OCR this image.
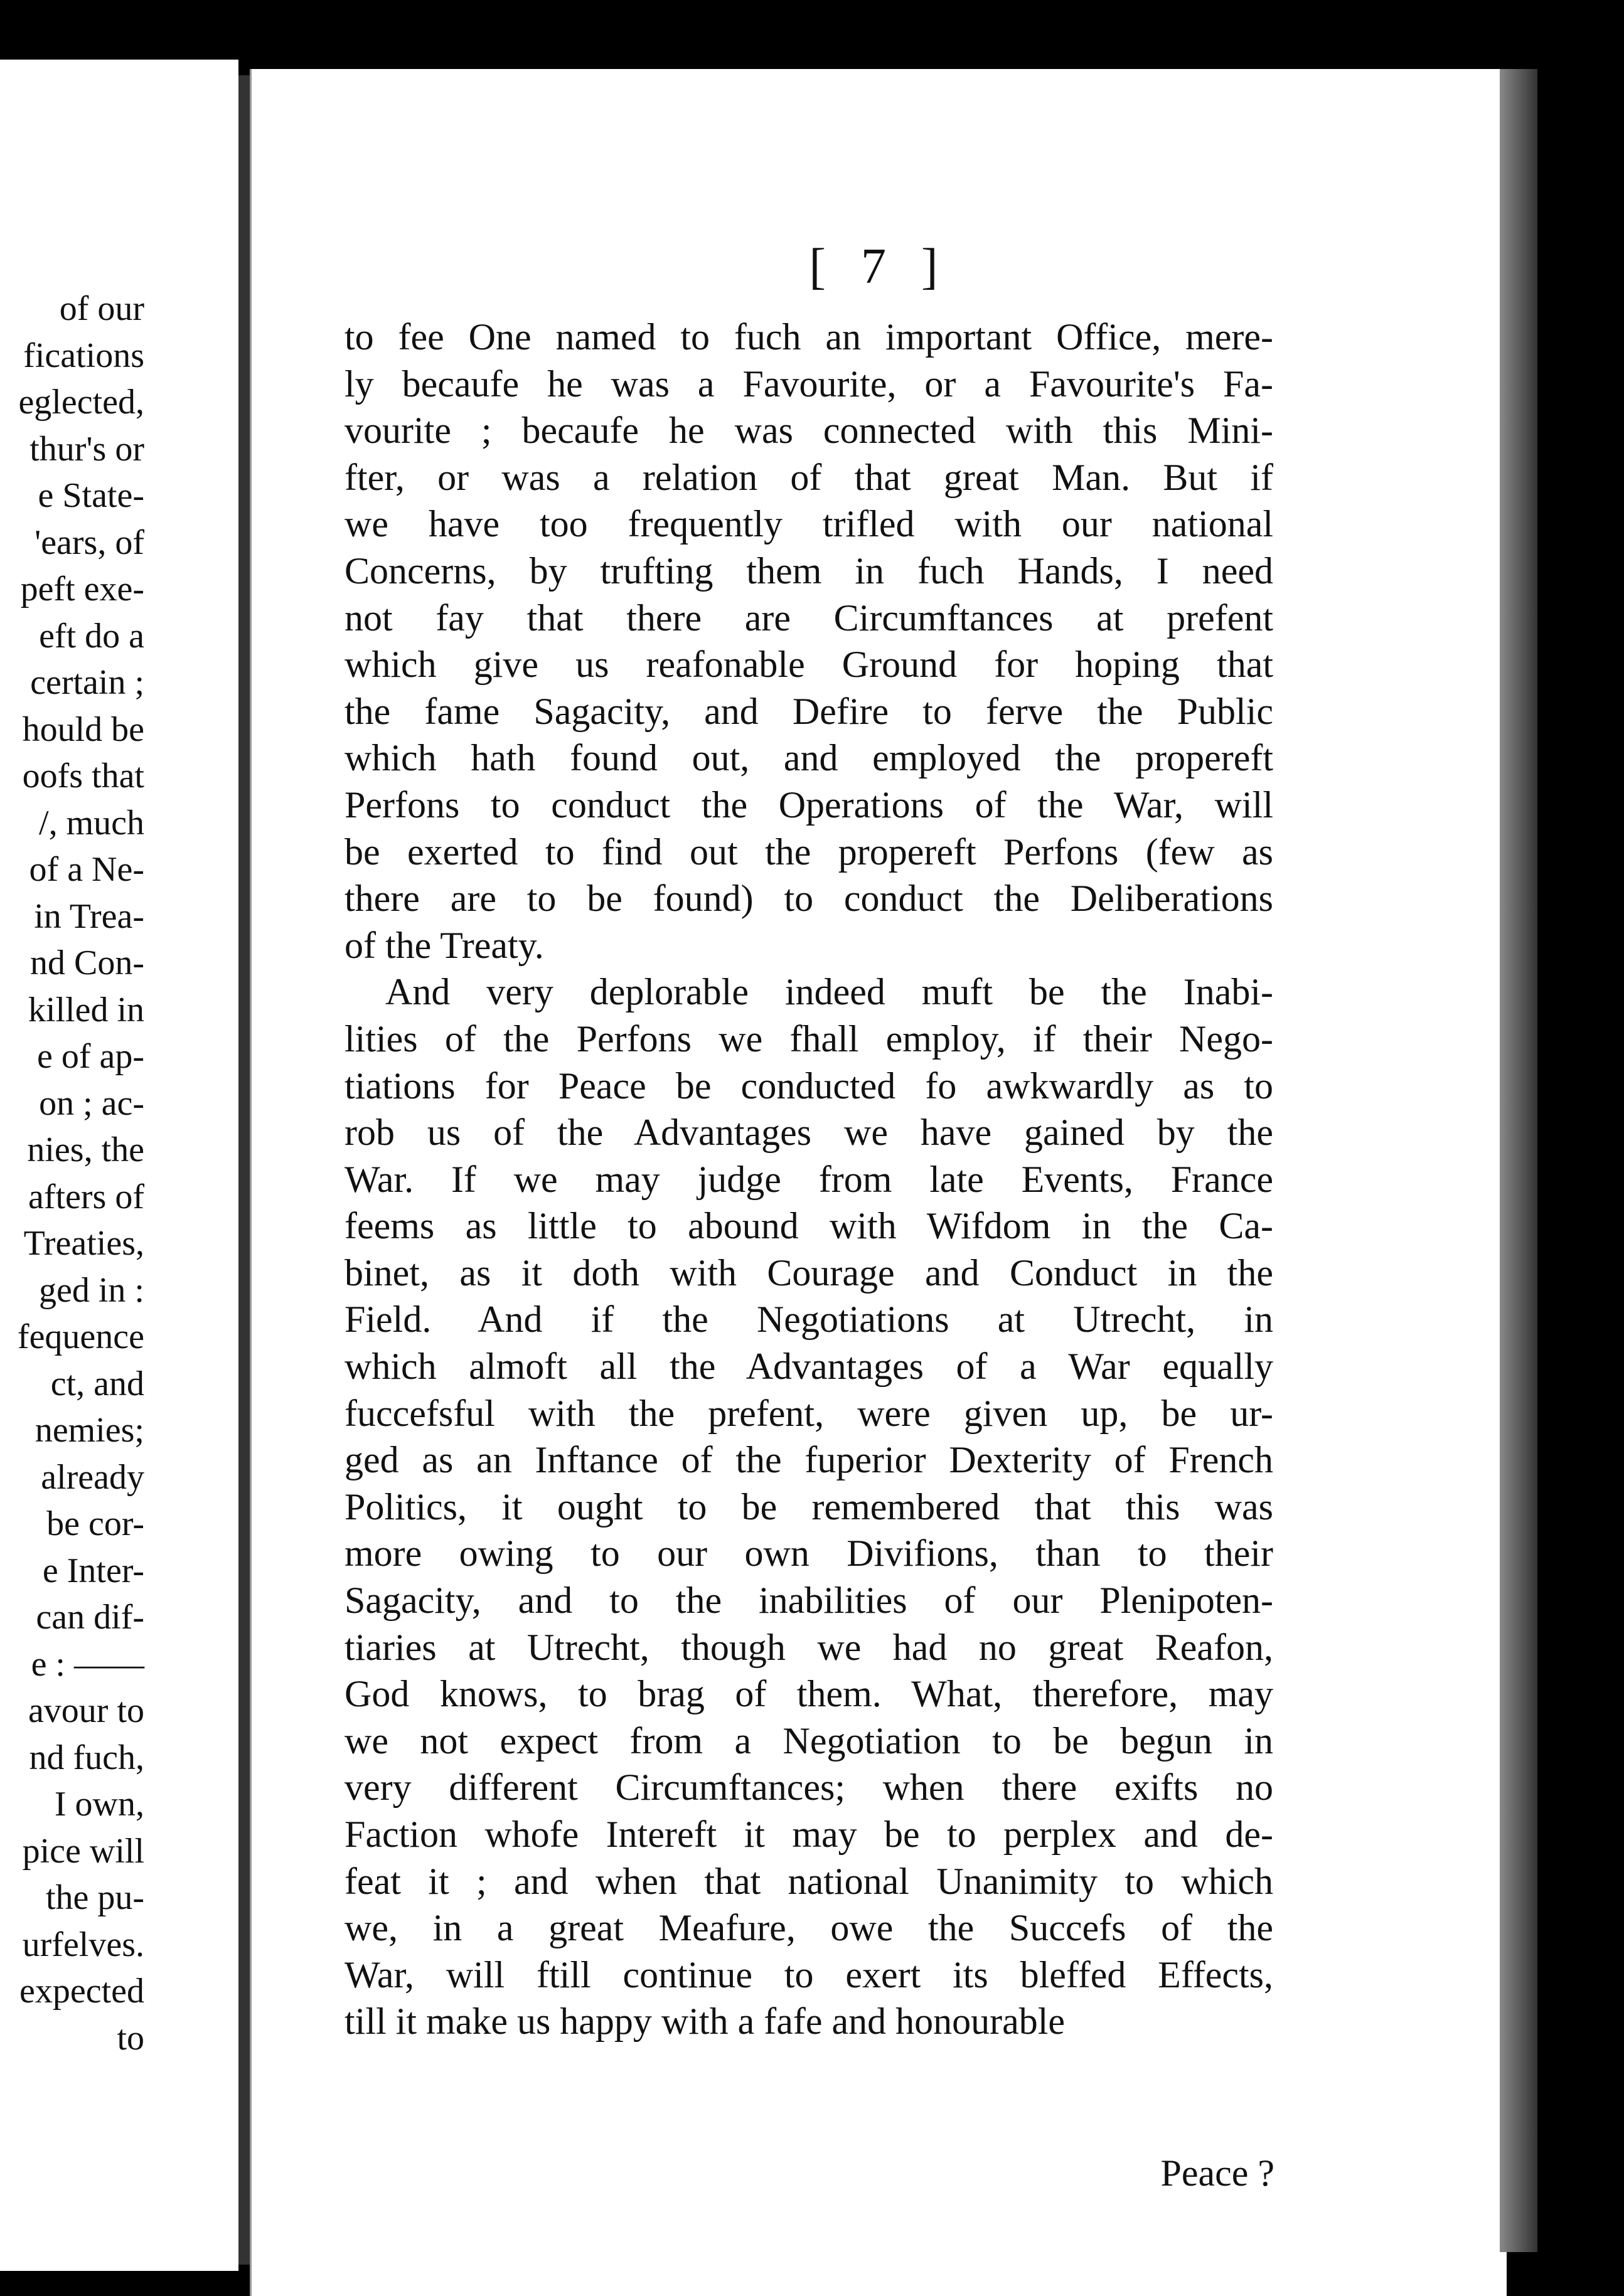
of our
fications
eglected,
thur's or
e State-
'ears, of
peft exe-
eft do a
certain ;
hould be
oofs that
/, much
of a Ne-
in Trea-
nd Con-
killed in
e of ap-
on ; ac-
nies, the
afters of
Treaties,
ged in :
fequence
ct, and
nemies;
already
be cor-
e Inter-
can dif-
e : ——
avour to
nd fuch,
I own,
pice will
the pu-
urfelves.
expected
to
[ 7 ]
to fee One named to fuch an important Office, mere-
ly becaufe he was a Favourite, or a Favourite's Fa-
vourite ; becaufe he was connected with this Mini-
fter, or was a relation of that great Man. But if
we have too frequently trifled with our national
Concerns, by trufting them in fuch Hands, I need
not fay that there are Circumftances at prefent
which give us reafonable Ground for hoping that
the fame Sagacity, and Defire to ferve the Public
which hath found out, and employed the propereft
Perfons to conduct the Operations of the War, will
be exerted to find out the propereft Perfons (few as
there are to be found) to conduct the Deliberations
of the Treaty.
And very deplorable indeed muft be the Inabi-
lities of the Perfons we fhall employ, if their Nego-
tiations for Peace be conducted fo awkwardly as to
rob us of the Advantages we have gained by the
War. If we may judge from late Events, France
feems as little to abound with Wifdom in the Ca-
binet, as it doth with Courage and Conduct in the
Field. And if the Negotiations at Utrecht, in
which almoft all the Advantages of a War equally
fuccefsful with the prefent, were given up, be ur-
ged as an Inftance of the fuperior Dexterity of French
Politics, it ought to be remembered that this was
more owing to our own Divifions, than to their
Sagacity, and to the inabilities of our Plenipoten-
tiaries at Utrecht, though we had no great Reafon,
God knows, to brag of them. What, therefore, may
we not expect from a Negotiation to be begun in
very different Circumftances; when there exifts no
Faction whofe Intereft it may be to perplex and de-
feat it ; and when that national Unanimity to which
we, in a great Meafure, owe the Succefs of the
War, will ftill continue to exert its bleffed Effects,
till it make us happy with a fafe and honourable
Peace ?
